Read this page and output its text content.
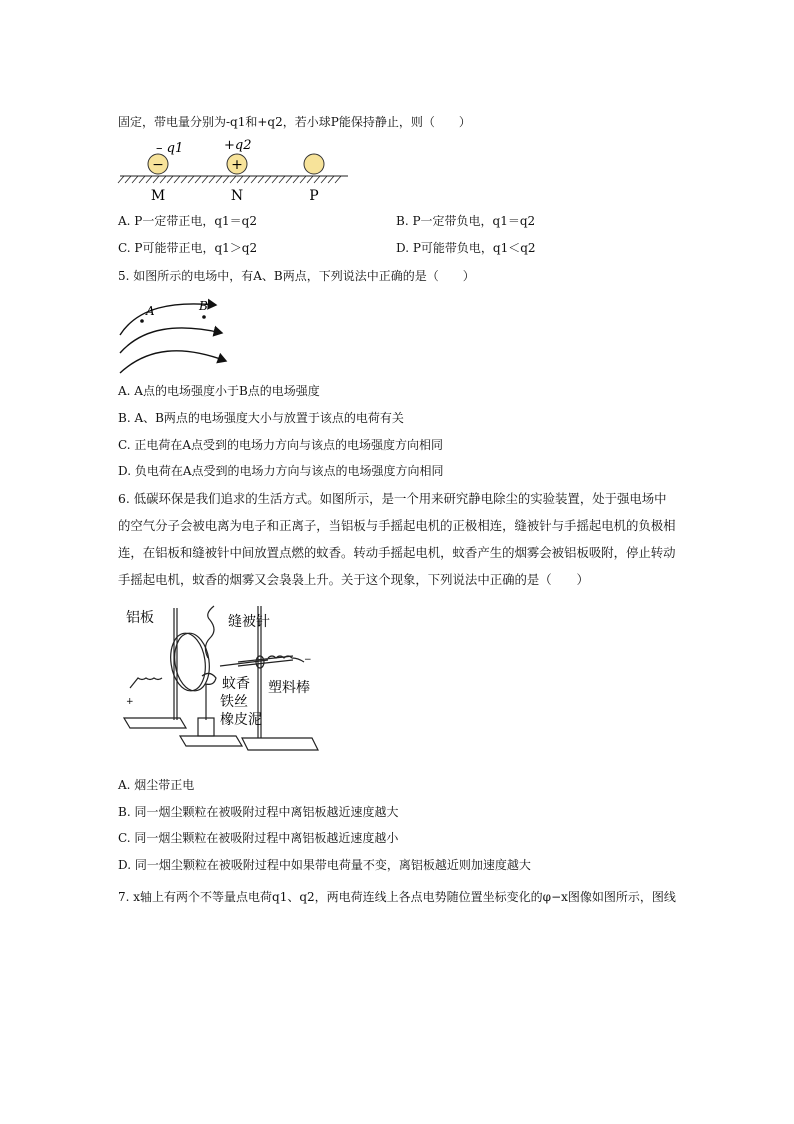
固定，带电量分别为-q1和+q2，若小球P能保持静止，则（　　）
−	+
– q1	+q2
M	N	P
A. P一定带正电，q1＝q2	B. P一定带负电，q1＝q2
C. P可能带正电，q1＞q2	D. P可能带负电，q1＜q2
5. 如图所示的电场中，有A、B两点，下列说法中正确的是（　　）
A	B
A. A点的电场强度小于B点的电场强度
B. A、B两点的电场强度大小与放置于该点的电荷有关
C. 正电荷在A点受到的电场力方向与该点的电场强度方向相同
D. 负电荷在A点受到的电场力方向与该点的电场强度方向相同
6. 低碳环保是我们追求的生活方式。如图所示，是一个用来研究静电除尘的实验装置，处于强电场中的空气分子会被电离为电子和正离子，当铝板与手摇起电机的正极相连，缝被针与手摇起电机的负极相连，在铝板和缝被针中间放置点燃的蚊香。转动手摇起电机，蚊香产生的烟雾会被铝板吸附，停止转动手摇起电机，蚊香的烟雾又会袅袅上升。关于这个现象，下列说法中正确的是（　　）
+
−
铝板	缝被针
蚊香
铁丝
塑料棒
橡皮泥
A. 烟尘带正电
B. 同一烟尘颗粒在被吸附过程中离铝板越近速度越大
C. 同一烟尘颗粒在被吸附过程中离铝板越近速度越小
D. 同一烟尘颗粒在被吸附过程中如果带电荷量不变，离铝板越近则加速度越大
7. x轴上有两个不等量点电荷q1、q2，两电荷连线上各点电势随位置坐标变化的φ−x图像如图所示，图线
